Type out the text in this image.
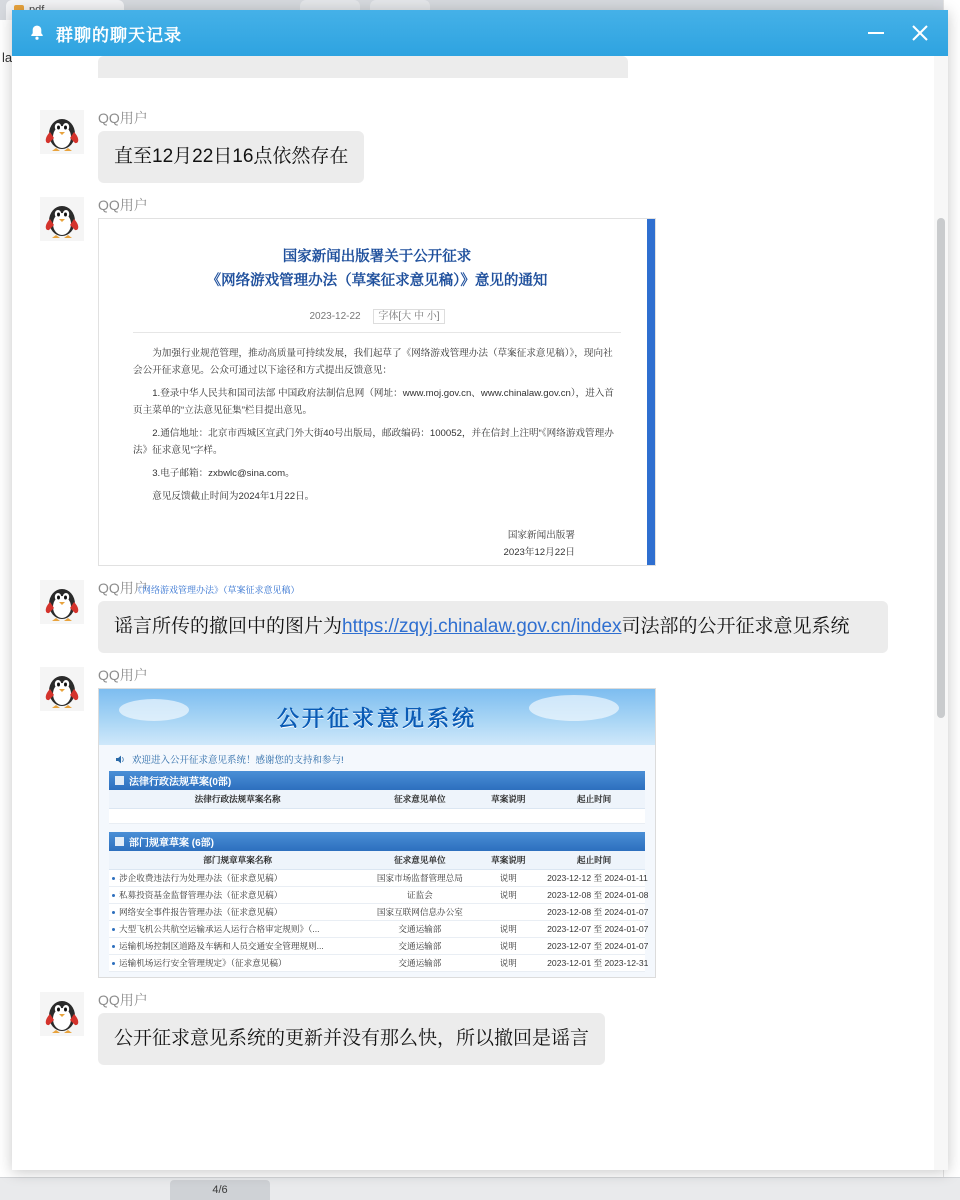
la
4/6
群聊的聊天记录
QQ用户
直至12月22日16点依然存在
QQ用户
国家新闻出版署关于公开征求
《网络游戏管理办法（草案征求意见稿）》意见的通知
2023-12-22 字体[大 中 小]

为加强行业规范管理，推动高质量可持续发展，我们起草了《网络游戏管理办法（草案征求意见稿）》，现向社会公开征求意见。公众可通过以下途径和方式提出反馈意见：

1.登录中华人民共和国司法部 中国政府法制信息网（网址：www.moj.gov.cn、www.chinalaw.gov.cn），进入首页主菜单的“立法意见征集”栏目提出意见。

2.通信地址：北京市西城区宣武门外大街40号出版局，邮政编码：100052，并在信封上注明“《网络游戏管理办法》征求意见”字样。

3.电子邮箱：zxbwlc@sina.com。

意见反馈截止时间为2024年1月22日。

国家新闻出版署
2023年12月22日
《网络游戏管理办法》（草案征求意见稿）
QQ用户
谣言所传的撤回中的图片为https://zqyj.chinalaw.gov.cn/index司法部的公开征求意见系统
QQ用户
公开征求意见系统
欢迎进入公开征求意见系统！感谢您的支持和参与!
法律行政法规草案(0部)
法律行政法规草案名称	征求意见单位	草案说明	起止时间

部门规章草案 (6部)
部门规章草案名称	征求意见单位	草案说明	起止时间
涉企收费违法行为处理办法（征求意见稿）	国家市场监督管理总局	说明	2023-12-12 至 2024-01-11
私募投资基金监督管理办法（征求意见稿）	证监会	说明	2023-12-08 至 2024-01-08
网络安全事件报告管理办法（征求意见稿）	国家互联网信息办公室		2023-12-08 至 2024-01-07
大型飞机公共航空运输承运人运行合格审定规则》（...	交通运输部	说明	2023-12-07 至 2024-01-07
运输机场控制区道路及车辆和人员交通安全管理规则...	交通运输部	说明	2023-12-07 至 2024-01-07
运输机场运行安全管理规定》（征求意见稿）	交通运输部	说明	2023-12-01 至 2023-12-31
QQ用户
公开征求意见系统的更新并没有那么快，所以撤回是谣言
